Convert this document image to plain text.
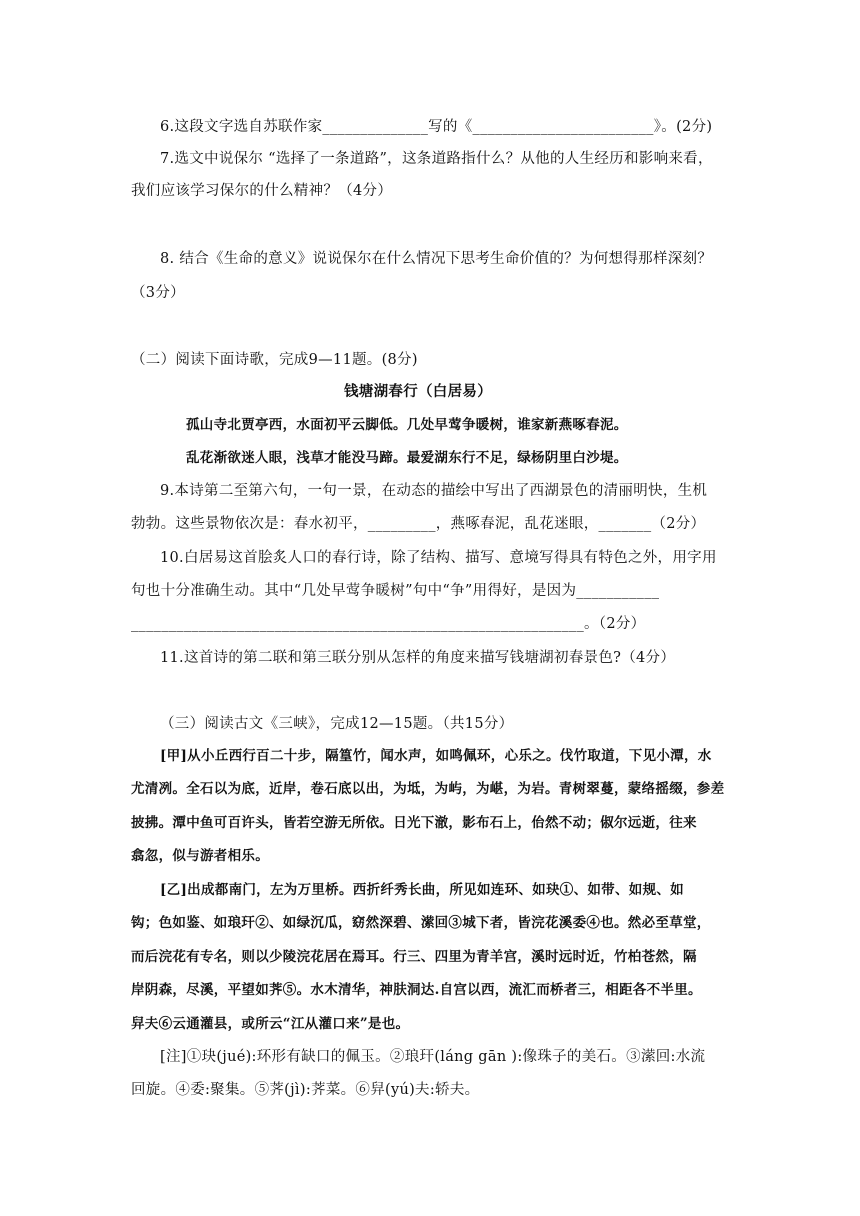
6.这段文字选自苏联作家______________写的《________________________》。(2分)
7.选文中说保尔 “选择了一条道路”，这条道路指什么？从他的人生经历和影响来看，
我们应该学习保尔的什么精神？（4分）
8. 结合《生命的意义》说说保尔在什么情况下思考生命价值的？为何想得那样深刻？
（3分）
（二）阅读下面诗歌，完成9—11题。(8分)
钱塘湖春行（白居易）
孤山寺北贾亭西，水面初平云脚低。几处早莺争暖树，谁家新燕啄春泥。
乱花渐欲迷人眼，浅草才能没马蹄。最爱湖东行不足，绿杨阴里白沙堤。
9.本诗第二至第六句，一句一景，在动态的描绘中写出了西湖景色的清丽明快，生机
勃勃。这些景物依次是：春水初平，_________，燕啄春泥，乱花迷眼，_______（2分）
10.白居易这首脍炙人口的春行诗，除了结构、描写、意境写得具有特色之外，用字用
句也十分准确生动。其中“几处早莺争暖树”句中“争”用得好，是因为___________
____________________________________________________________。（2分）
11.这首诗的第二联和第三联分别从怎样的角度来描写钱塘湖初春景色?（4分）
（三）阅读古文《三峡》，完成12—15题。（共15分）
[甲]从小丘西行百二十步，隔篁竹，闻水声，如鸣佩环，心乐之。伐竹取道，下见小潭，水
尤清冽。全石以为底，近岸，卷石底以出，为坻，为屿，为嵁，为岩。青树翠蔓，蒙络摇缀，参差
披拂。潭中鱼可百许头，皆若空游无所依。日光下澈，影布石上，佁然不动；俶尔远逝，往来
翕忽，似与游者相乐。
[乙]出成都南门，左为万里桥。西折纤秀长曲，所见如连环、如玦①、如带、如规、如
钩；色如鉴、如琅玕②、如绿沉瓜，窈然深碧、潆回③城下者，皆浣花溪委④也。然必至草堂，
而后浣花有专名，则以少陵浣花居在焉耳。行三、四里为青羊宫，溪时远时近，竹柏苍然，隔
岸阴森，尽溪，平望如荠⑤。水木清华，神肤洞达.自宫以西，流汇而桥者三，相距各不半里。
舁夫⑥云通灌县，或所云“江从灌口来”是也。
[注]①玦(jué):环形有缺口的佩玉。②琅玕(láng gān ):像珠子的美石。③潆回:水流
回旋。④委:聚集。⑤荠(jì):荠菜。⑥舁(yú)夫:轿夫。
